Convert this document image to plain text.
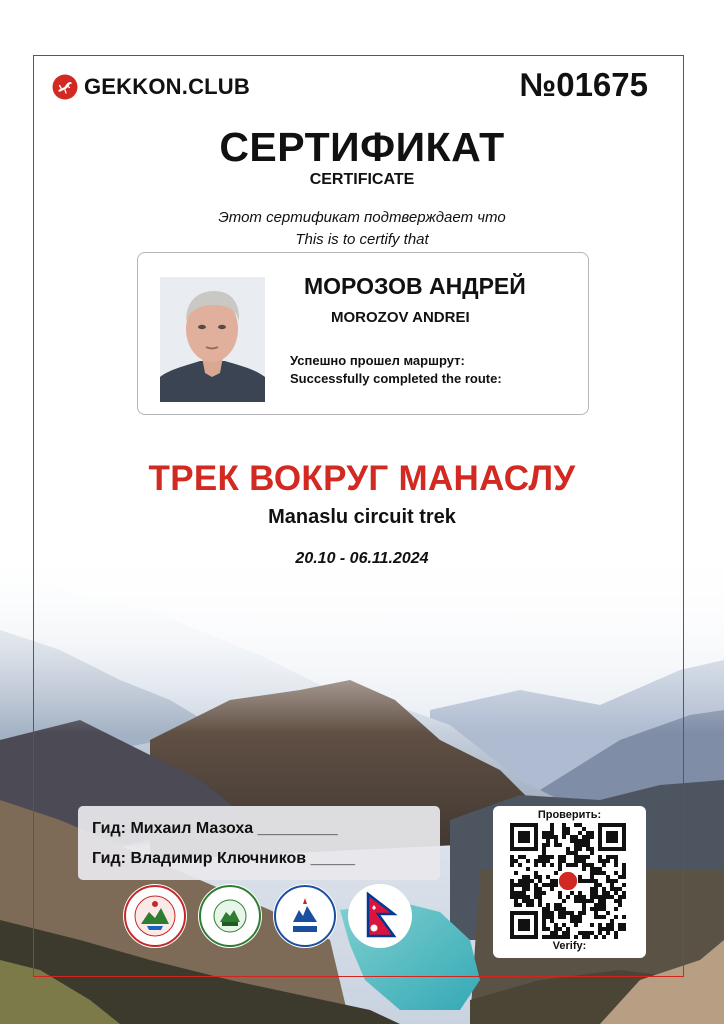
GEKKON.CLUB	№01675
СЕРТИФИКАТ
CERTIFICATE
Этот сертификат подтверждает что
This is to certify that
МОРОЗОВ АНДРЕЙ
MOROZOV ANDREI
Успешно прошел маршрут:
Successfully completed the route:
ТРЕК ВОКРУГ МАНАСЛУ
Manaslu circuit trek
20.10 - 06.11.2024
Гид: Михаил Мазоха _________
Гид: Владимир Ключников _____
Проверить:
Verify:
